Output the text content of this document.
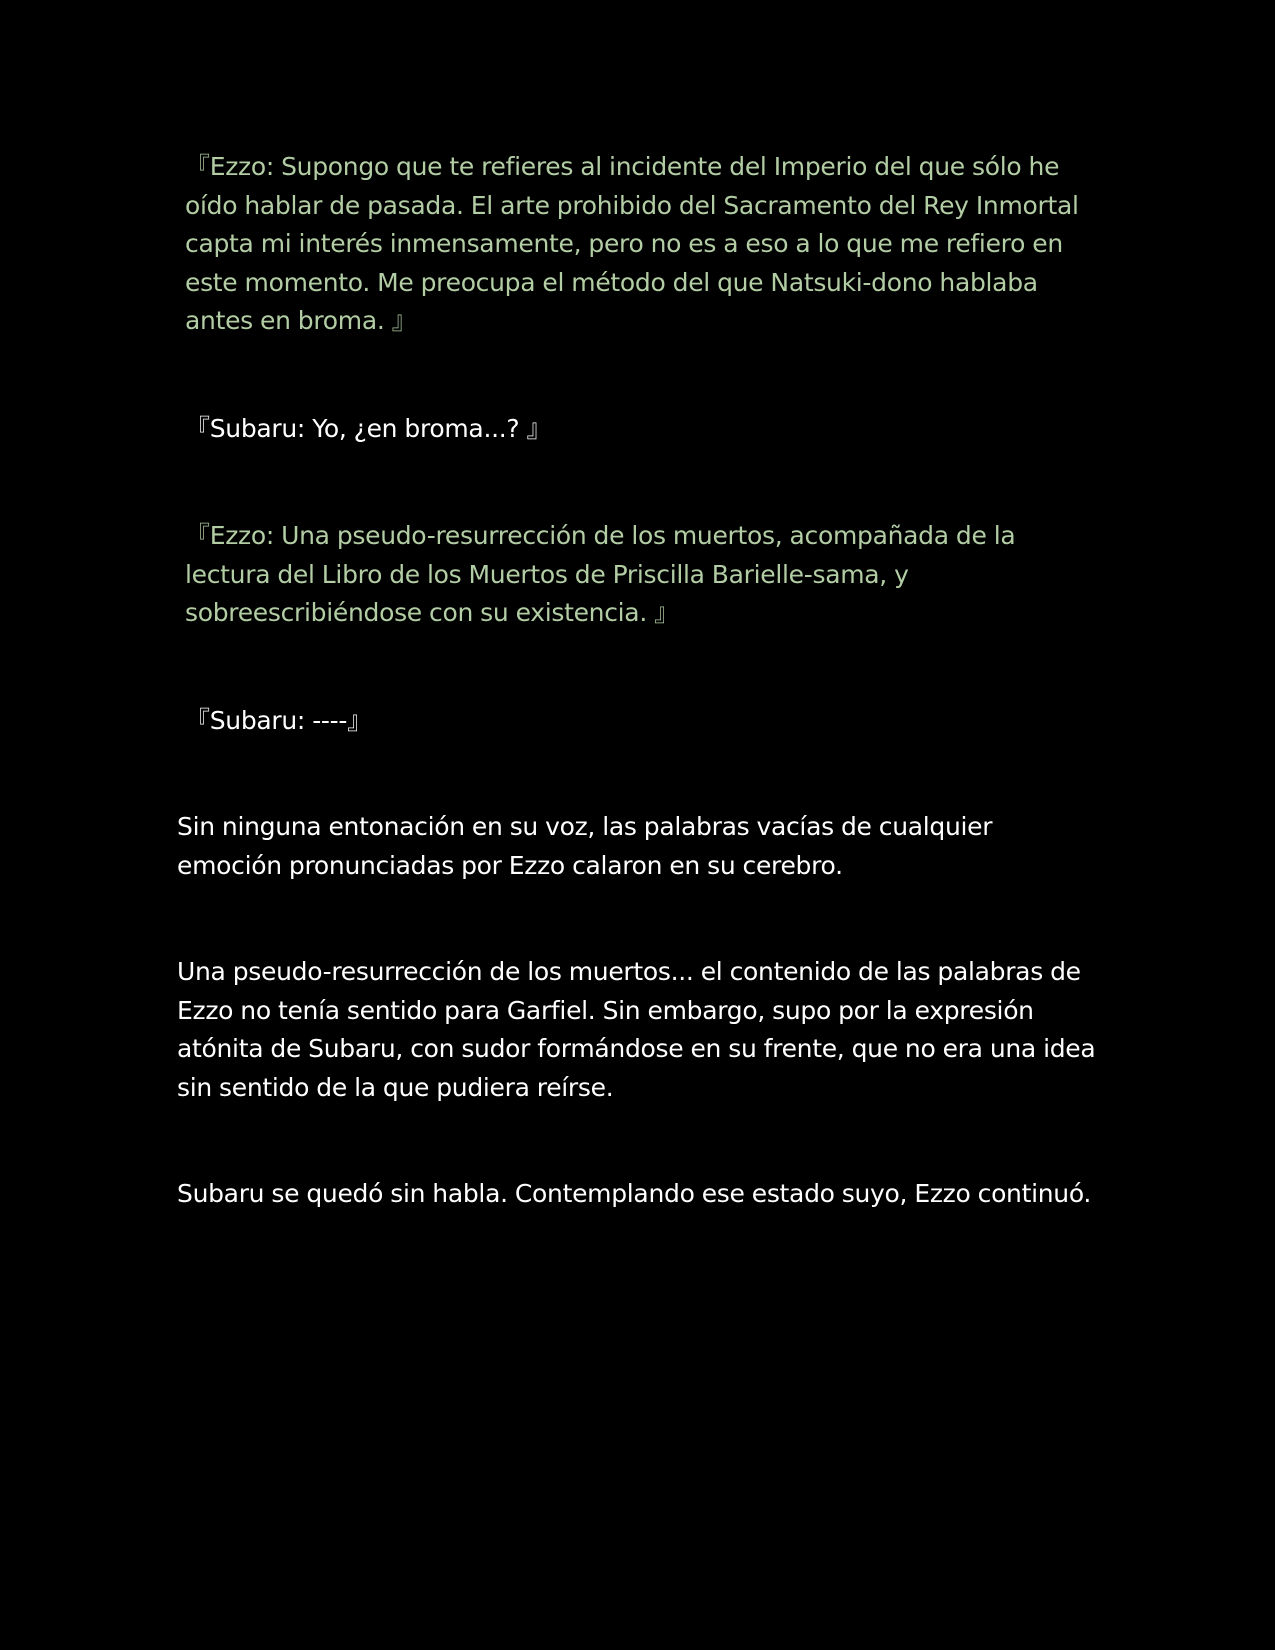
『Ezzo: Supongo que te refieres al incidente del Imperio del que sólo he oído hablar de pasada. El arte prohibido del Sacramento del Rey Inmortal capta mi interés inmensamente, pero no es a eso a lo que me refiero en este momento. Me preocupa el método del que Natsuki-dono hablaba antes en broma. 』

『Subaru: Yo, ¿en broma...? 』

『Ezzo: Una pseudo-resurrección de los muertos, acompañada de la lectura del Libro de los Muertos de Priscilla Barielle-sama, y sobreescribiéndose con su existencia. 』

『Subaru: ----』

Sin ninguna entonación en su voz, las palabras vacías de cualquier emoción pronunciadas por Ezzo calaron en su cerebro.

Una pseudo-resurrección de los muertos... el contenido de las palabras de Ezzo no tenía sentido para Garfiel. Sin embargo, supo por la expresión atónita de Subaru, con sudor formándose en su frente, que no era una idea sin sentido de la que pudiera reírse.

Subaru se quedó sin habla. Contemplando ese estado suyo, Ezzo continuó.
